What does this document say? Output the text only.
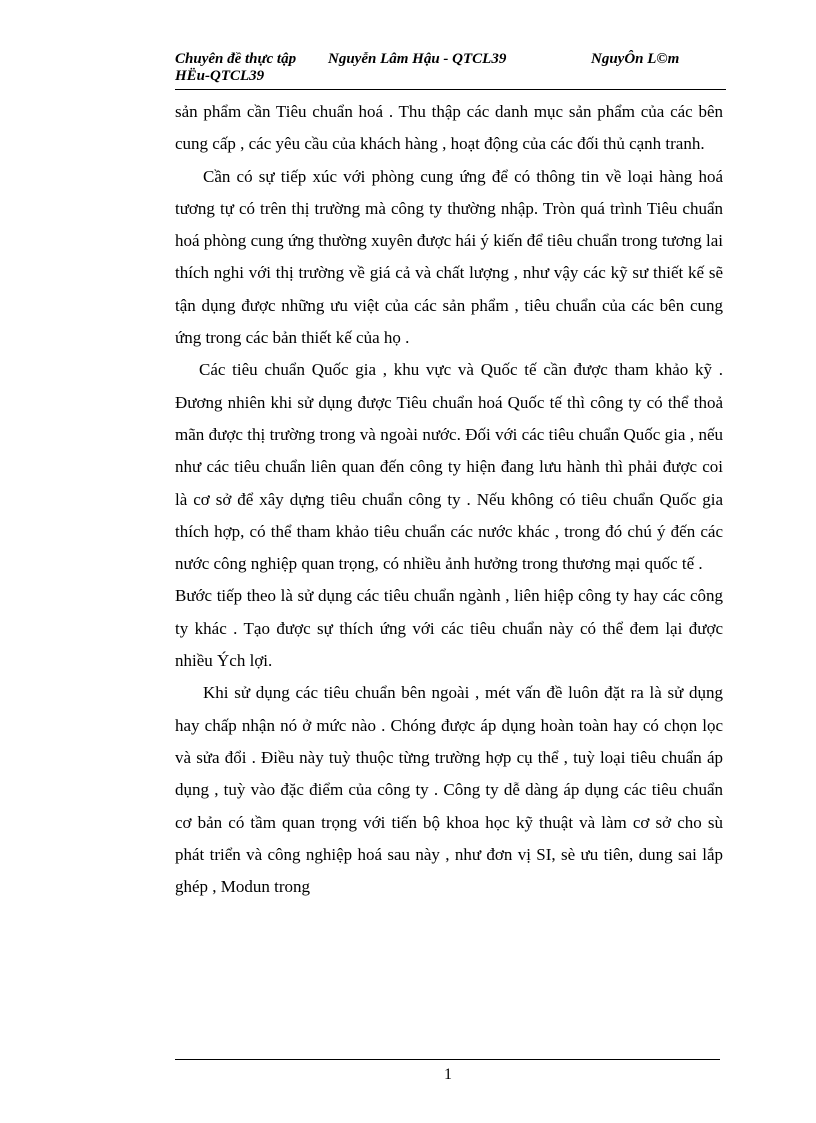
Chuyên đề thực tập Nguyễn Lâm Hậu - QTCL39	NguyÔn L©m
HËu-QTCL39

sản phẩm cần Tiêu chuẩn hoá . Thu thập các danh mục sản phẩm của các bên cung cấp , các yêu cầu của khách hàng , hoạt động của các đối thủ cạnh tranh.

Cần có sự tiếp xúc với phòng cung ứng để có thông tin về loại hàng hoá tương tự có trên thị trường mà công ty thường nhập. Tròn quá trình Tiêu chuẩn hoá phòng cung ứng thường xuyên được hái ý kiến để tiêu chuẩn trong tương lai thích nghi với thị trường về giá cả và chất lượng , như vậy các kỹ sư thiết kế sẽ tận dụng được những ưu việt của các sản phẩm , tiêu chuẩn của các bên cung ứng trong các bản thiết kế của họ .

Các tiêu chuẩn Quốc gia , khu vực và Quốc tế cần được tham khảo kỹ . Đương nhiên khi sử dụng được Tiêu chuẩn hoá Quốc tế thì công ty có thể thoả mãn được thị trường trong và ngoài nước. Đối với các tiêu chuẩn Quốc gia , nếu như các tiêu chuẩn liên quan đến công ty hiện đang lưu hành thì phải được coi là cơ sở để xây dựng tiêu chuẩn công ty . Nếu không có tiêu chuẩn Quốc gia thích hợp, có thể tham khảo tiêu chuẩn các nước khác , trong đó chú ý đến các nước công nghiệp quan trọng, có nhiều ảnh hưởng trong thương mại quốc tế .

Bước tiếp theo là sử dụng các tiêu chuẩn ngành , liên hiệp công ty hay các công ty khác . Tạo được sự thích ứng với các tiêu chuẩn này có thể đem lại được nhiều Ých lợi.

Khi sử dụng các tiêu chuẩn bên ngoài , mét vấn đề luôn đặt ra là sử dụng hay chấp nhận nó ở mức nào . Chóng được áp dụng hoàn toàn hay có chọn lọc và sửa đổi . Điều này tuỳ thuộc từng trường hợp cụ thể , tuỳ loại tiêu chuẩn áp dụng , tuỳ vào đặc điểm của công ty . Công ty dễ dàng áp dụng các tiêu chuẩn cơ bản có tầm quan trọng với tiến bộ khoa học kỹ thuật và làm cơ sở cho sù phát triển và công nghiệp hoá sau này , như đơn vị SI, sè ưu tiên, dung sai lắp ghép , Modun trong

1
